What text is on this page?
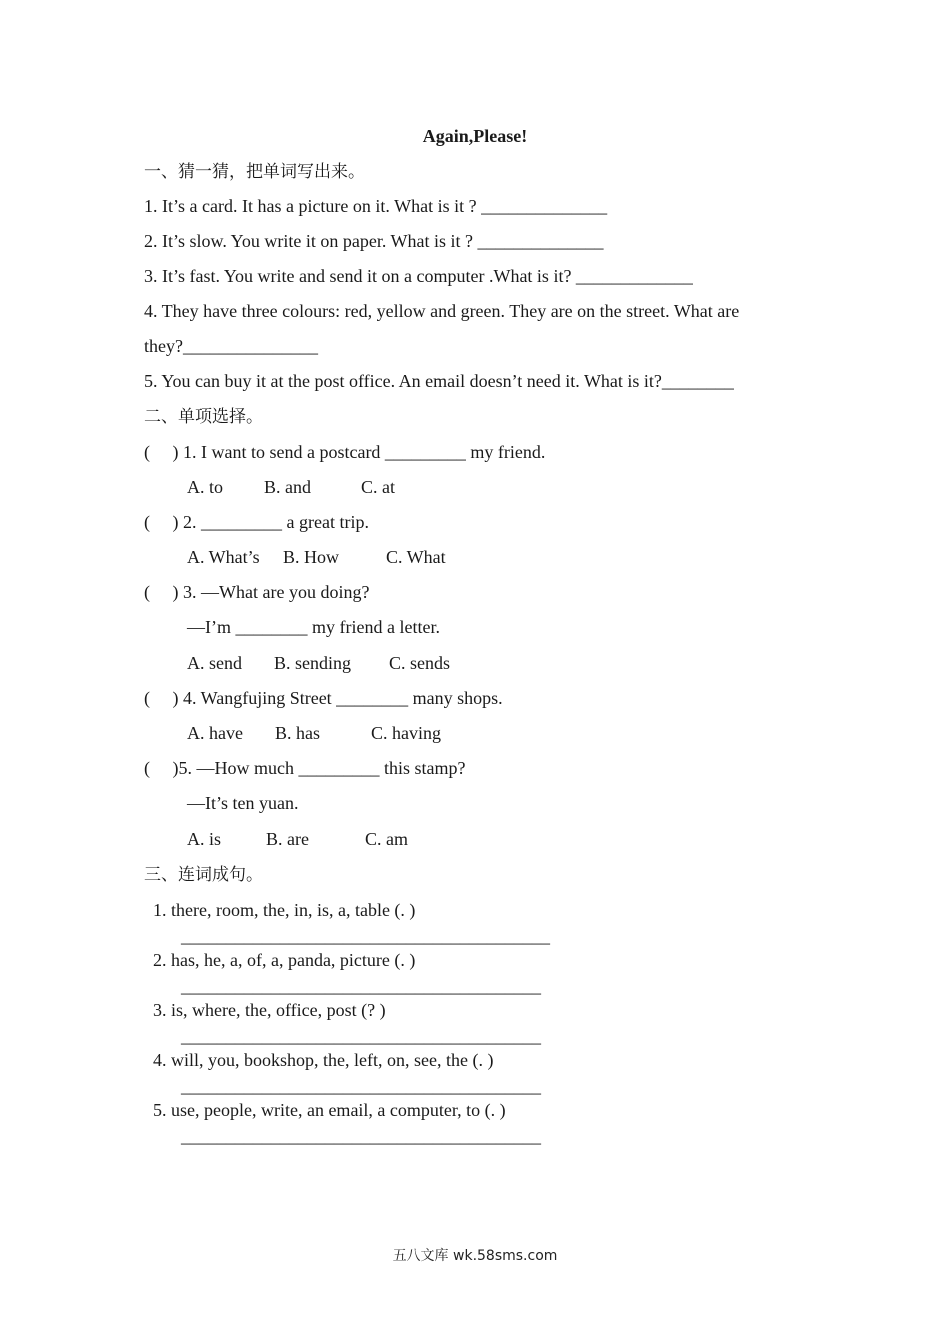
Again,Please!
一、猜一猜，把单词写出来。
1. It’s a card. It has a picture on it. What is it ? ______________
2. It’s slow. You write it on paper. What is it ? ______________
3. It’s fast. You write and send it on a computer .What is it? _____________
4. They have three colours: red, yellow and green. They are on the street. What are
they?_______________
5. You can buy it at the post office. An email doesn’t need it. What is it?________
二、单项选择。
(     ) 1. I want to send a postcard _________ my friend.
A. to B. and	C. at
(     ) 2. _________ a great trip.
A. What’s B. How	C. What
(     ) 3. —What are you doing?
—I’m ________ my friend a letter.
A. send B. sending C. sends
(     ) 4. Wangfujing Street ________ many shops.
A. have B. has	C. having
(     )5. —How much _________ this stamp?
—It’s ten yuan.
A. is B. are	C. am
三、连词成句。
1. there, room, the, in, is, a, table (. )
_________________________________________
2. has, he, a, of, a, panda, picture (. )
________________________________________
3. is, where, the, office, post (? )
________________________________________
4. will, you, bookshop, the, left, on, see, the (. )
________________________________________
5. use, people, write, an email, a computer, to (. )
________________________________________
五八文库 wk.58sms.com
